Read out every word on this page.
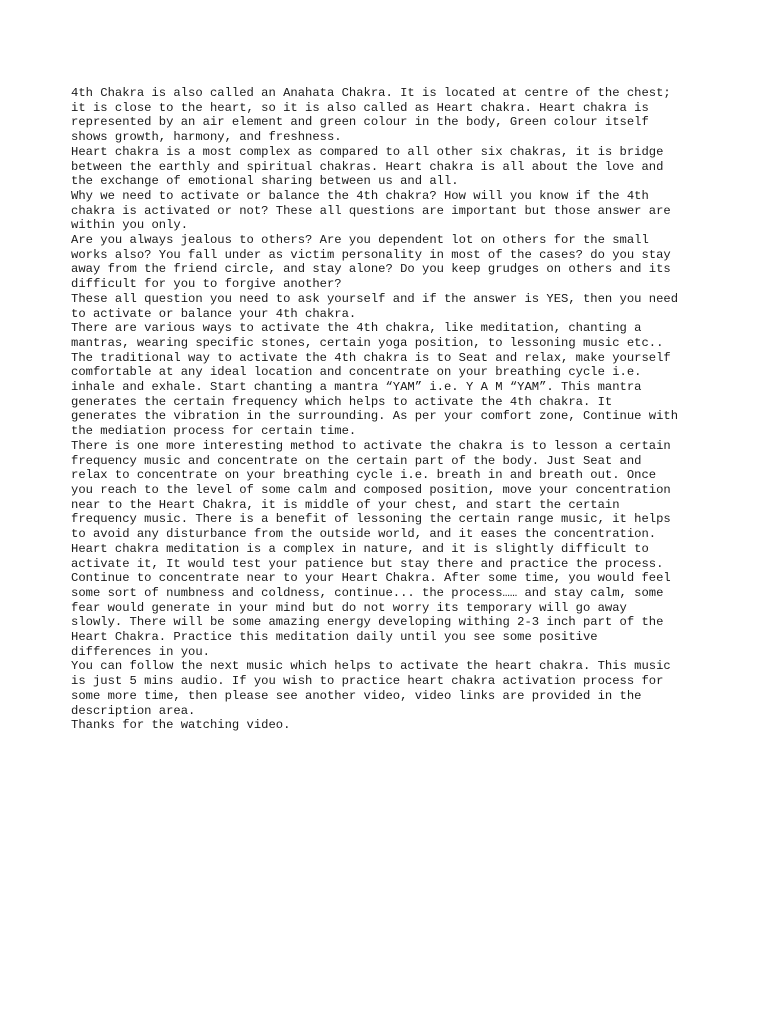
4th Chakra is also called an Anahata Chakra. It is located at centre of the chest;
it is close to the heart, so it is also called as Heart chakra. Heart chakra is
represented by an air element and green colour in the body, Green colour itself
shows growth, harmony, and freshness.

Heart chakra is a most complex as compared to all other six chakras, it is bridge
between the earthly and spiritual chakras. Heart chakra is all about the love and
the exchange of emotional sharing between us and all.

Why we need to activate or balance the 4th chakra? How will you know if the 4th
chakra is activated or not? These all questions are important but those answer are
within you only.

Are you always jealous to others? Are you dependent lot on others for the small
works also? You fall under as victim personality in most of the cases? do you stay
away from the friend circle, and stay alone? Do you keep grudges on others and its
difficult for you to forgive another?

These all question you need to ask yourself and if the answer is YES, then you need
to activate or balance your 4th chakra.

There are various ways to activate the 4th chakra, like meditation, chanting a
mantras, wearing specific stones, certain yoga position, to lessoning music etc..

The traditional way to activate the 4th chakra is to Seat and relax, make yourself
comfortable at any ideal location and concentrate on your breathing cycle i.e.
inhale and exhale. Start chanting a mantra “YAM” i.e. Y A M “YAM”. This mantra
generates the certain frequency which helps to activate the 4th chakra. It
generates the vibration in the surrounding. As per your comfort zone, Continue with
the mediation process for certain time.

There is one more interesting method to activate the chakra is to lesson a certain
frequency music and concentrate on the certain part of the body. Just Seat and
relax to concentrate on your breathing cycle i.e. breath in and breath out. Once
you reach to the level of some calm and composed position, move your concentration
near to the Heart Chakra, it is middle of your chest, and start the certain
frequency music. There is a benefit of lessoning the certain range music, it helps
to avoid any disturbance from the outside world, and it eases the concentration.

Heart chakra meditation is a complex in nature, and it is slightly difficult to
activate it, It would test your patience but stay there and practice the process.
Continue to concentrate near to your Heart Chakra. After some time, you would feel
some sort of numbness and coldness, continue... the process…… and stay calm, some
fear would generate in your mind but do not worry its temporary will go away
slowly. There will be some amazing energy developing withing 2-3 inch part of the
Heart Chakra. Practice this meditation daily until you see some positive
differences in you.

You can follow the next music which helps to activate the heart chakra. This music
is just 5 mins audio. If you wish to practice heart chakra activation process for
some more time, then please see another video, video links are provided in the
description area.

Thanks for the watching video.
